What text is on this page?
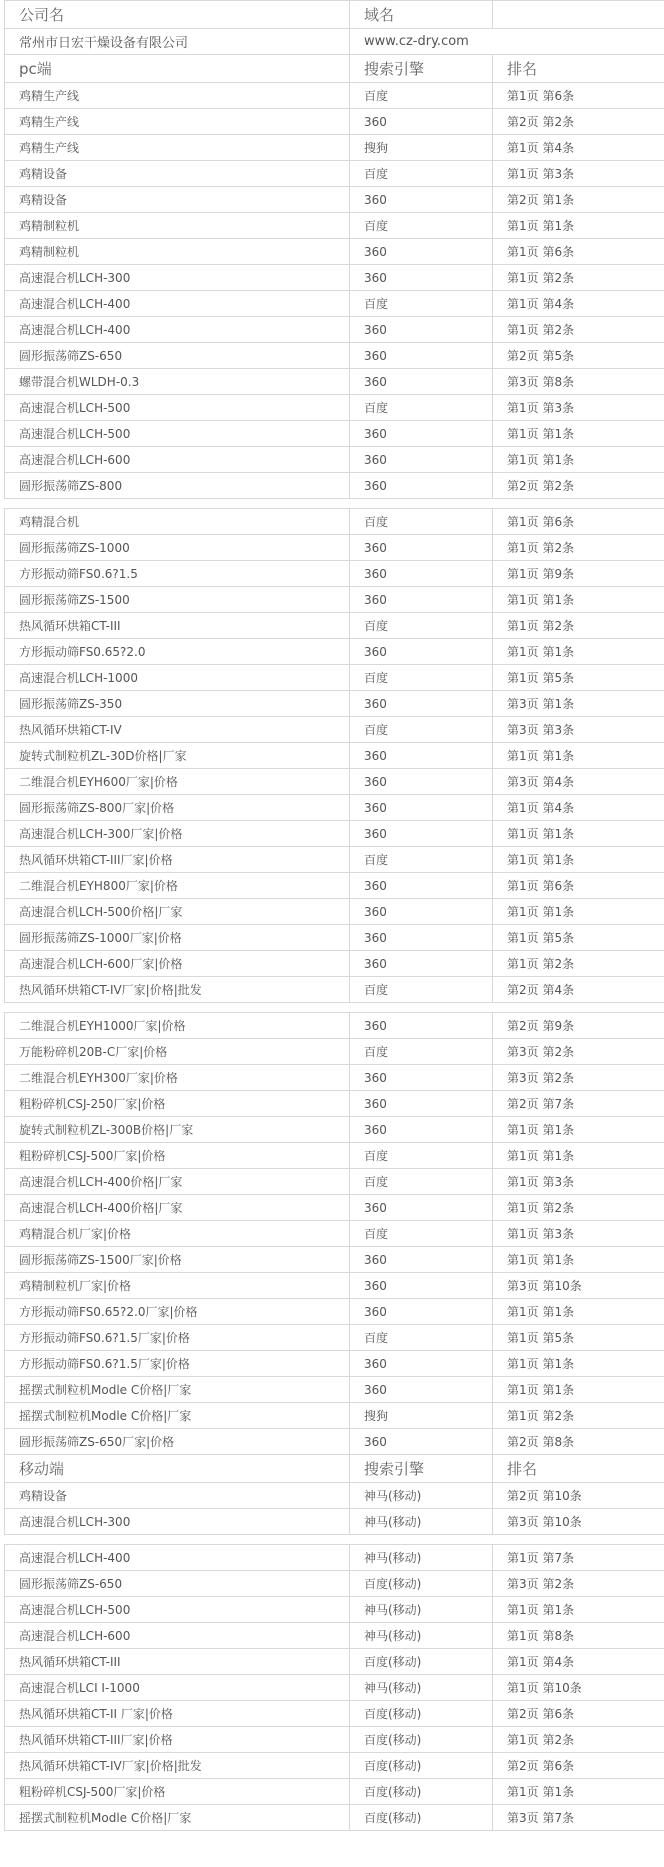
公司名	域名	
常州市日宏干燥设备有限公司	www.cz-dry.com	
pc端	搜索引擎	排名
鸡精生产线	百度	第1页 第6条
鸡精生产线	360	第2页 第2条
鸡精生产线	搜狗	第1页 第4条
鸡精设备	百度	第1页 第3条
鸡精设备	360	第2页 第1条
鸡精制粒机	百度	第1页 第1条
鸡精制粒机	360	第1页 第6条
高速混合机LCH-300	360	第1页 第2条
高速混合机LCH-400	百度	第1页 第4条
高速混合机LCH-400	360	第1页 第2条
圆形振荡筛ZS-650	360	第2页 第5条
螺带混合机WLDH-0.3	360	第3页 第8条
高速混合机LCH-500	百度	第1页 第3条
高速混合机LCH-500	360	第1页 第1条
高速混合机LCH-600	360	第1页 第1条
圆形振荡筛ZS-800	360	第2页 第2条

鸡精混合机	百度	第1页 第6条
圆形振荡筛ZS-1000	360	第1页 第2条
方形振动筛FS0.6?1.5	360	第1页 第9条
圆形振荡筛ZS-1500	360	第1页 第1条
热风循环烘箱CT-III	百度	第1页 第2条
方形振动筛FS0.65?2.0	360	第1页 第1条
高速混合机LCH-1000	百度	第1页 第5条
圆形振荡筛ZS-350	360	第3页 第1条
热风循环烘箱CT-IV	百度	第3页 第3条
旋转式制粒机ZL-30D价格|厂家	360	第1页 第1条
二维混合机EYH600厂家|价格	360	第3页 第4条
圆形振荡筛ZS-800厂家|价格	360	第1页 第4条
高速混合机LCH-300厂家|价格	360	第1页 第1条
热风循环烘箱CT-III厂家|价格	百度	第1页 第1条
二维混合机EYH800厂家|价格	360	第1页 第6条
高速混合机LCH-500价格|厂家	360	第1页 第1条
圆形振荡筛ZS-1000厂家|价格	360	第1页 第5条
高速混合机LCH-600厂家|价格	360	第1页 第2条
热风循环烘箱CT-IV厂家|价格|批发	百度	第2页 第4条

二维混合机EYH1000厂家|价格	360	第2页 第9条
万能粉碎机20B-C厂家|价格	百度	第3页 第2条
二维混合机EYH300厂家|价格	360	第3页 第2条
粗粉碎机CSJ-250厂家|价格	360	第2页 第7条
旋转式制粒机ZL-300B价格|厂家	360	第1页 第1条
粗粉碎机CSJ-500厂家|价格	百度	第1页 第1条
高速混合机LCH-400价格|厂家	百度	第1页 第3条
高速混合机LCH-400价格|厂家	360	第1页 第2条
鸡精混合机厂家|价格	百度	第1页 第3条
圆形振荡筛ZS-1500厂家|价格	360	第1页 第1条
鸡精制粒机厂家|价格	360	第3页 第10条
方形振动筛FS0.65?2.0厂家|价格	360	第1页 第1条
方形振动筛FS0.6?1.5厂家|价格	百度	第1页 第5条
方形振动筛FS0.6?1.5厂家|价格	360	第1页 第1条
摇摆式制粒机Modle C价格|厂家	360	第1页 第1条
摇摆式制粒机Modle C价格|厂家	搜狗	第1页 第2条
圆形振荡筛ZS-650厂家|价格	360	第2页 第8条
移动端	搜索引擎	排名
鸡精设备	神马(移动)	第2页 第10条
高速混合机LCH-300	神马(移动)	第3页 第10条

高速混合机LCH-400	神马(移动)	第1页 第7条
圆形振荡筛ZS-650	百度(移动)	第3页 第2条
高速混合机LCH-500	神马(移动)	第1页 第1条
高速混合机LCH-600	神马(移动)	第1页 第8条
热风循环烘箱CT-III	百度(移动)	第1页 第4条
高速混合机LCI I-1000	神马(移动)	第1页 第10条
热风循环烘箱CT-II 厂家|价格	百度(移动)	第2页 第6条
热风循环烘箱CT-III厂家|价格	百度(移动)	第1页 第2条
热风循环烘箱CT-IV厂家|价格|批发	百度(移动)	第2页 第6条
粗粉碎机CSJ-500厂家|价格	百度(移动)	第1页 第1条
摇摆式制粒机Modle C价格|厂家	百度(移动)	第3页 第7条
